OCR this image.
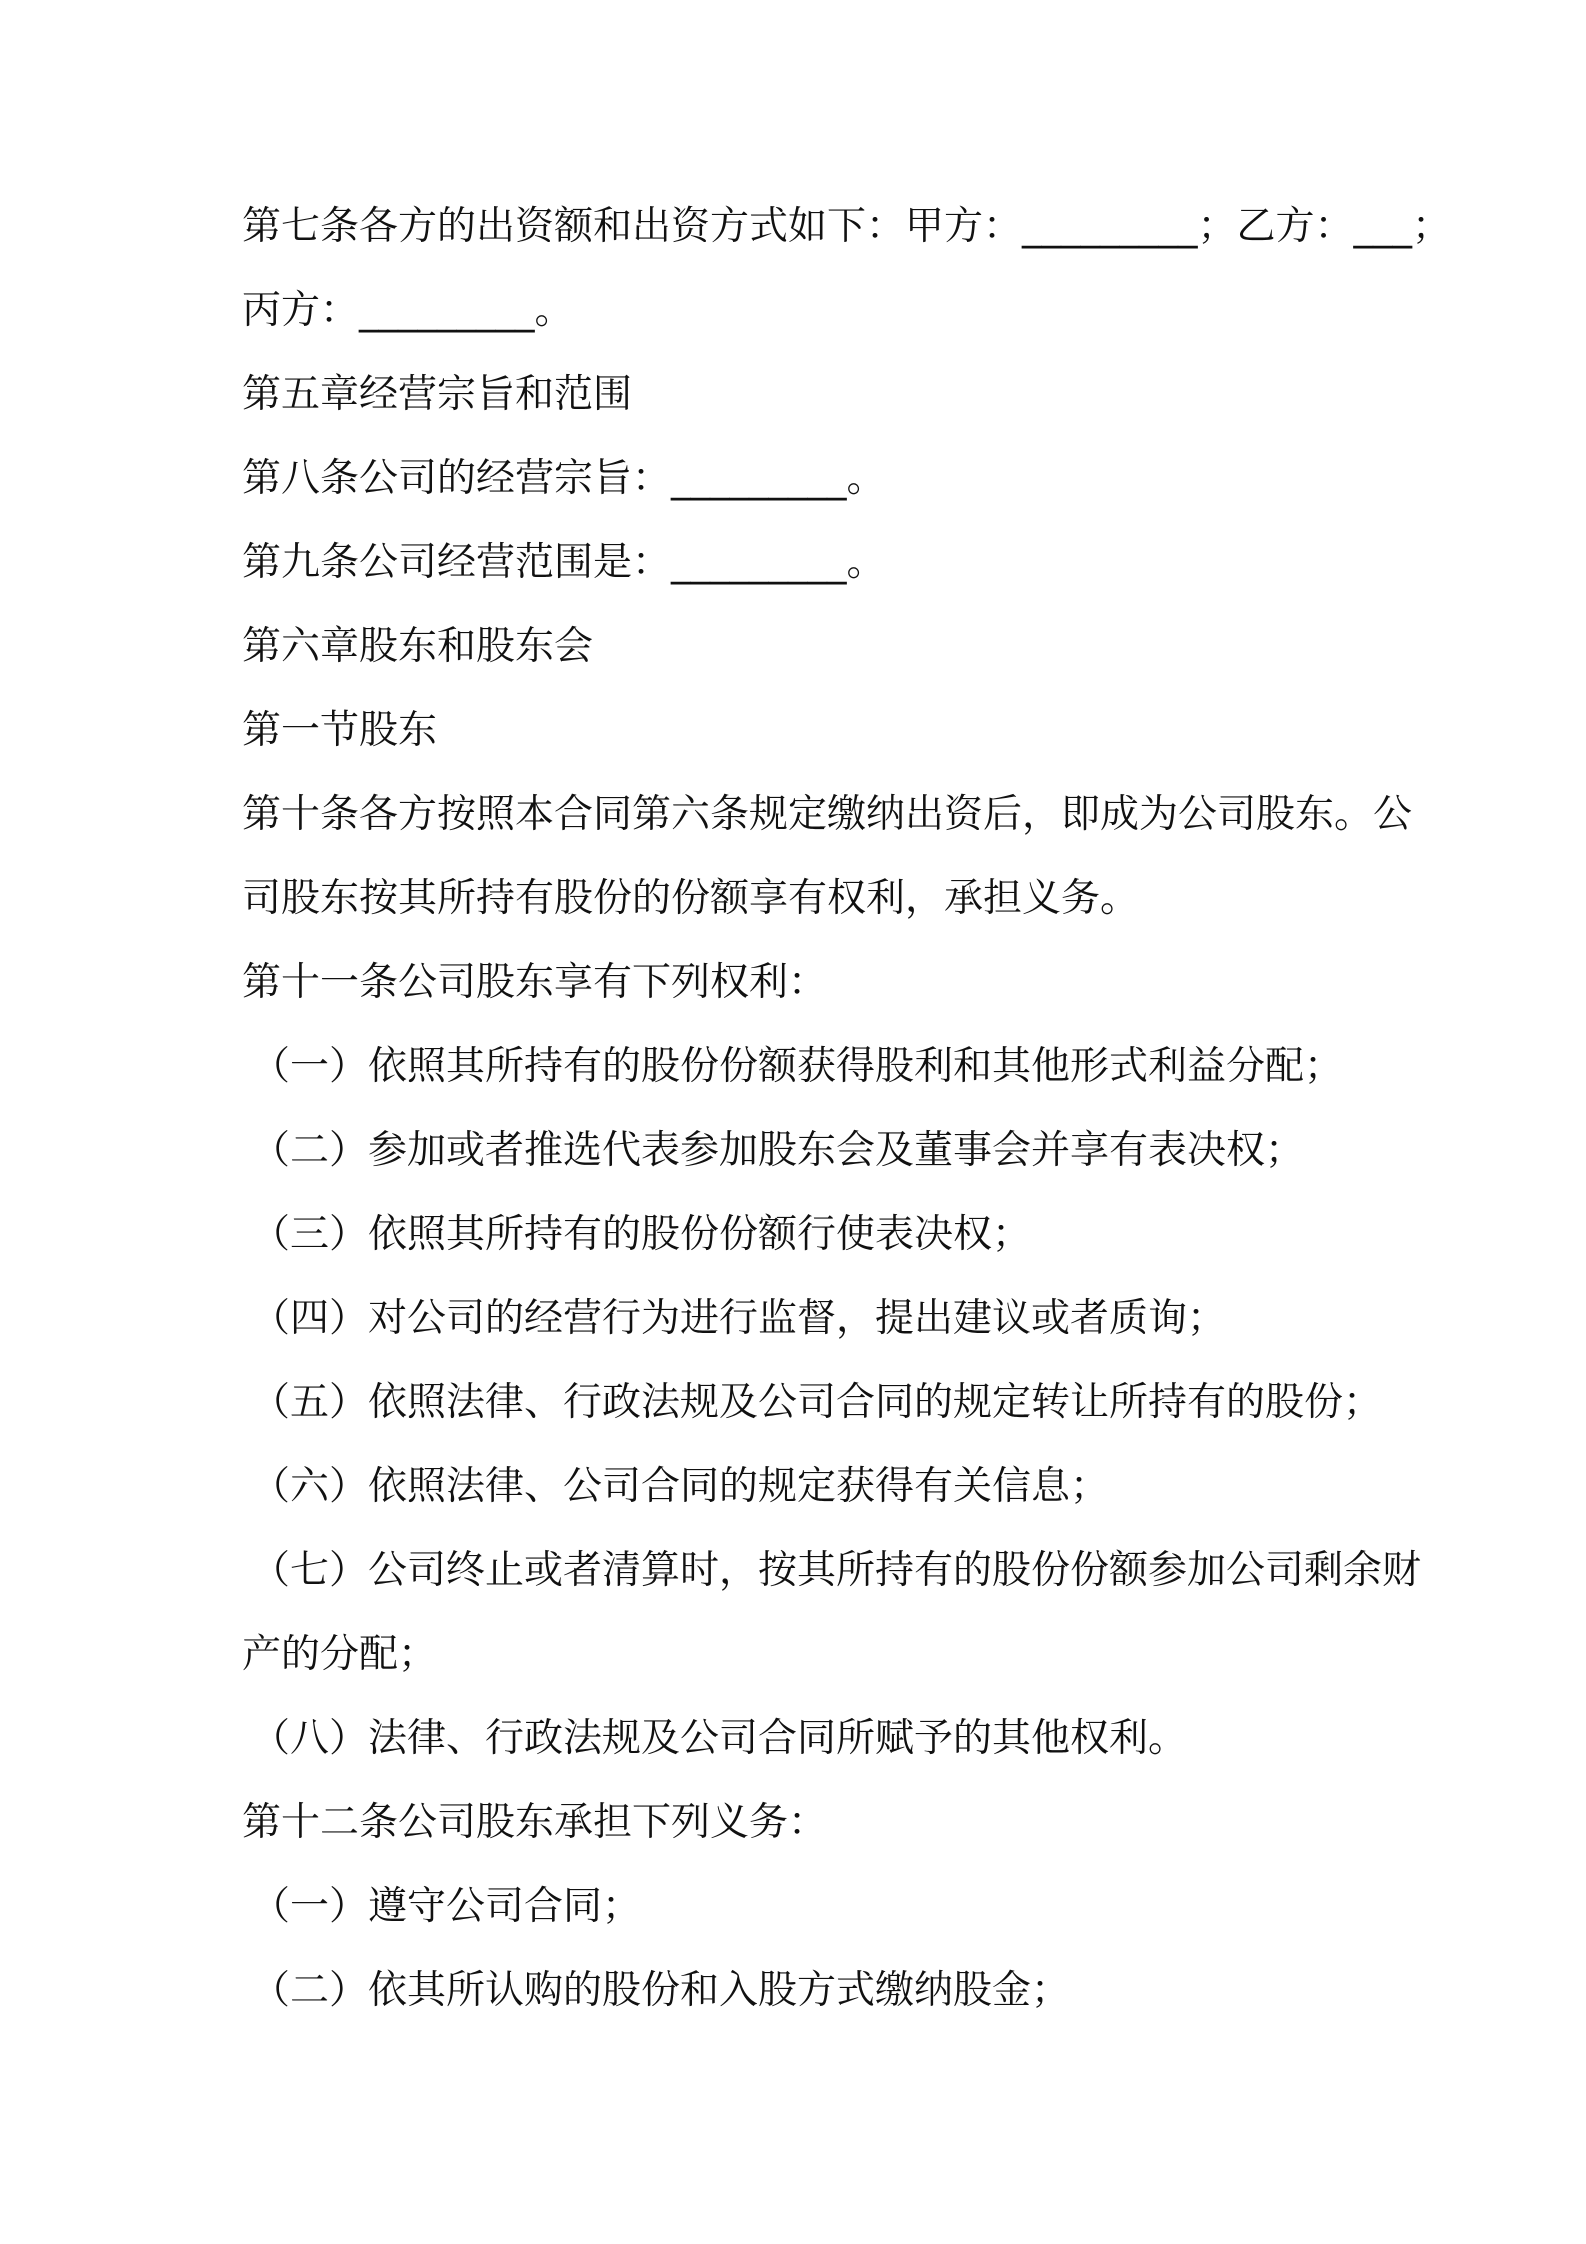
第七条各方的出资额和出资方式如下：甲方：_________；乙方：___；
丙方：_________。
第五章经营宗旨和范围
第八条公司的经营宗旨：_________。
第九条公司经营范围是：_________。
第六章股东和股东会
第一节股东
第十条各方按照本合同第六条规定缴纳出资后，即成为公司股东。公
司股东按其所持有股份的份额享有权利，承担义务。
第十一条公司股东享有下列权利：
（一）依照其所持有的股份份额获得股利和其他形式利益分配；
（二）参加或者推选代表参加股东会及董事会并享有表决权；
（三）依照其所持有的股份份额行使表决权；
（四）对公司的经营行为进行监督，提出建议或者质询；
（五）依照法律、行政法规及公司合同的规定转让所持有的股份；
（六）依照法律、公司合同的规定获得有关信息；
（七）公司终止或者清算时，按其所持有的股份份额参加公司剩余财
产的分配；
（八）法律、行政法规及公司合同所赋予的其他权利。
第十二条公司股东承担下列义务：
（一）遵守公司合同；
（二）依其所认购的股份和入股方式缴纳股金；
